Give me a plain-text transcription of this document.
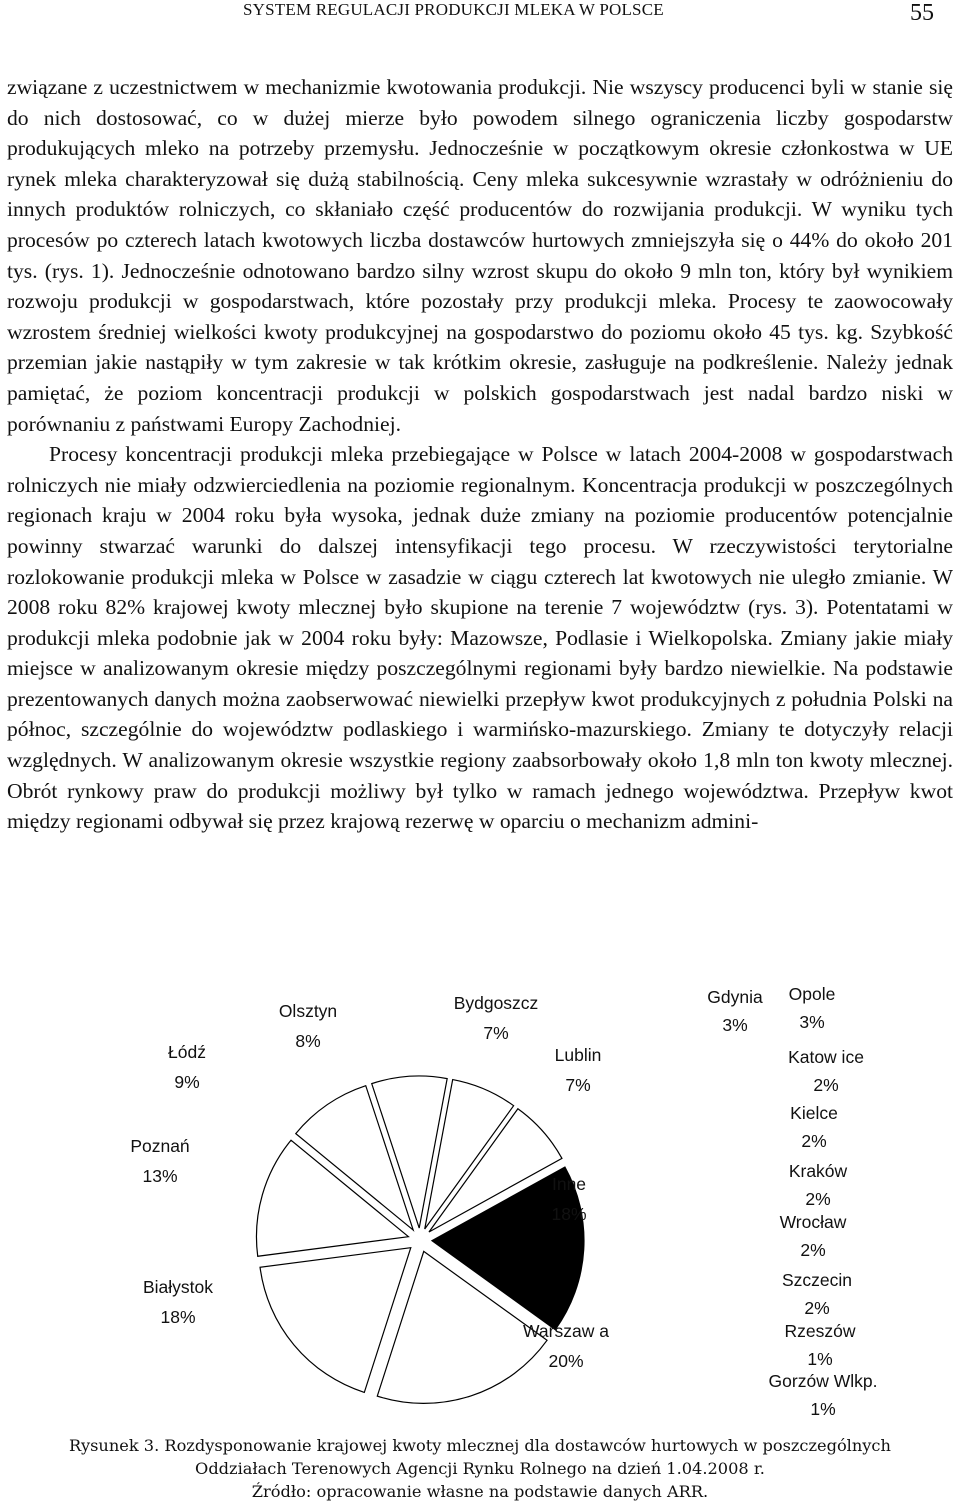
SYSTEM REGULACJI PRODUKCJI MLEKA W POLSCE	55

związane z uczestnictwem w mechanizmie kwotowania produkcji. Nie wszyscy producenci byli w stanie się do nich dostosować, co w dużej mierze było powodem silnego ograniczenia liczby gospodarstw produkujących mleko na potrzeby przemysłu. Jednocześnie w początkowym okresie członkostwa w UE rynek mleka charakteryzował się dużą stabilnością. Ceny mleka sukcesywnie wzrastały w odróżnieniu do innych produktów rolniczych, co skłaniało część producentów do rozwijania produkcji. W wyniku tych procesów po czterech latach kwotowych liczba dostawców hurtowych zmniejszyła się o 44% do około 201 tys. (rys. 1). Jednocześnie odnotowano bardzo silny wzrost skupu do około 9 mln ton, który był wynikiem rozwoju produkcji w gospodarstwach, które pozostały przy produkcji mleka. Procesy te zaowocowały wzrostem średniej wielkości kwoty produkcyjnej na gospodarstwo do poziomu około 45 tys. kg. Szybkość przemian jakie nastąpiły w tym zakresie w tak krótkim okresie, zasługuje na podkreślenie. Należy jednak pamiętać, że poziom koncentracji produkcji w polskich gospodarstwach jest nadal bardzo niski w porównaniu z państwami Europy Zachodniej.

Procesy koncentracji produkcji mleka przebiegające w Polsce w latach 2004-2008 w gospodarstwach rolniczych nie miały odzwierciedlenia na poziomie regionalnym. Koncentracja produkcji w poszczególnych regionach kraju w 2004 roku była wysoka, jednak duże zmiany na poziomie producentów potencjalnie powinny stwarzać warunki do dalszej intensyfikacji tego procesu. W rzeczywistości terytorialne rozlokowanie produkcji mleka w Polsce w zasadzie w ciągu czterech lat kwotowych nie uległo zmianie. W 2008 roku 82% krajowej kwoty mlecznej było skupione na terenie 7 województw (rys. 3). Potentatami w produkcji mleka podobnie jak w 2004 roku były: Mazowsze, Podlasie i Wielkopolska. Zmiany jakie miały miejsce w analizowanym okresie między poszczególnymi regionami były bardzo niewielkie. Na podstawie prezentowanych danych można zaobserwować niewielki przepływ kwot produkcyjnych z południa Polski na północ, szczególnie do województw podlaskiego i warmińsko-mazurskiego. Zmiany te dotyczyły relacji względnych. W analizowanym okresie wszystkie regiony zaabsorbowały około 1,8 mln ton kwoty mlecznej. Obrót rynkowy praw do produkcji możliwy był tylko w ramach jednego województwa. Przepływ kwot między regionami odbywał się przez krajową rezerwę w oparciu o mechanizm admini-

Warszaw a
20%
Białystok
18%
Poznań
13%
Łódź
9%
Olsztyn
8%
Bydgoszcz
7%
Lublin
7%
Inne
18%
Gdynia
3%
Opole
3%
Katow ice
2%
Kielce
2%
Kraków
2%
Wrocław
2%
Szczecin
2%
Rzeszów
1%
Gorzów Wlkp.
1%
Rysunek 3. Rozdysponowanie krajowej kwoty mlecznej dla dostawców hurtowych w poszczególnych
Oddziałach Terenowych Agencji Rynku Rolnego na dzień 1.04.2008 r.
Źródło: opracowanie własne na podstawie danych ARR.
